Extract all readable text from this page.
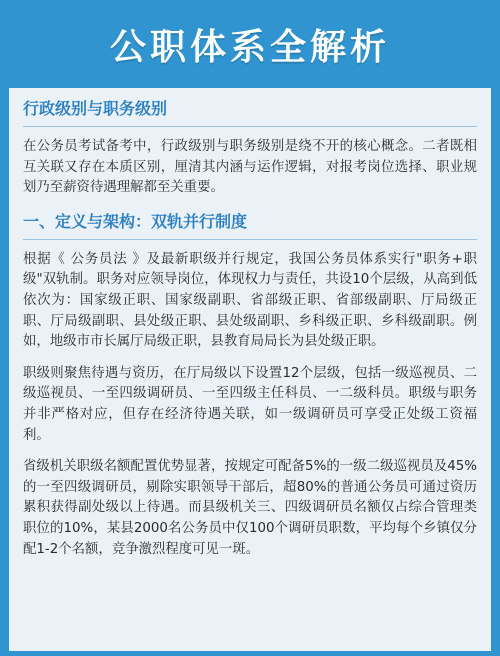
公职体系全解析
行政级别与职务级别

在公务员考试备考中，行政级别与职务级别是绕不开的核心概念。二者既相互关联又存在本质区别，厘清其内涵与运作逻辑，对报考岗位选择、职业规划乃至薪资待遇理解都至关重要。

一、定义与架构：双轨并行制度

根据《 公务员法 》及最新职级并行规定，我国公务员体系实行"职务+职级"双轨制。职务对应领导岗位，体现权力与责任，共设10个层级，从高到低依次为：国家级正职、国家级副职、省部级正职、省部级副职、厅局级正职、厅局级副职、县处级正职、县处级副职、乡科级正职、乡科级副职。例如，地级市市长属厅局级正职，县教育局局长为县处级正职。

职级则聚焦待遇与资历，在厅局级以下设置12个层级，包括一级巡视员、二级巡视员、一至四级调研员、一至四级主任科员、一二级科员。职级与职务并非严格对应，但存在经济待遇关联，如一级调研员可享受正处级工资福利。

省级机关职级名额配置优势显著，按规定可配备5%的一级二级巡视员及45%的一至四级调研员，剔除实职领导干部后，超80%的普通公务员可通过资历累积获得副处级以上待遇。而县级机关三、四级调研员名额仅占综合管理类职位的10%，某县2000名公务员中仅100个调研员职数，平均每个乡镇仅分配1-2个名额，竞争激烈程度可见一斑。
